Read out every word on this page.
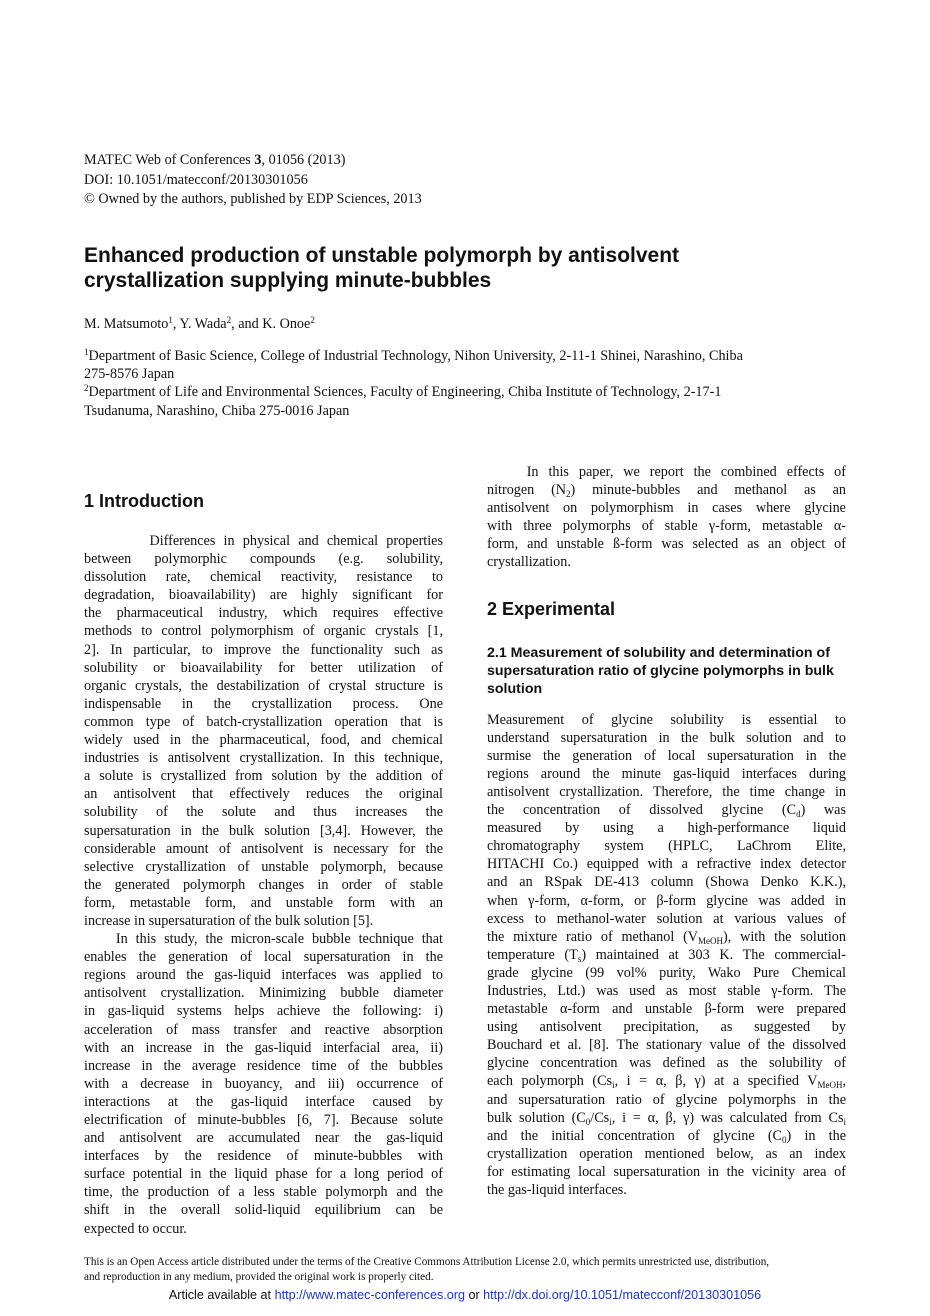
MATEC Web of Conferences 3, 01056 (2013)
DOI: 10.1051/matecconf/20130301056
© Owned by the authors, published by EDP Sciences, 2013
Enhanced production of unstable polymorph by antisolvent
crystallization supplying minute-bubbles
M. Matsumoto$^1$, Y. Wada$^2$, and K. Onoe$^2$
$^1$Department of Basic Science, College of Industrial Technology, Nihon University, 2-11-1 Shinei, Narashino, Chiba
275-8576 Japan
$^2$Department of Life and Environmental Sciences, Faculty of Engineering, Chiba Institute of Technology, 2-17-1
Tsudanuma, Narashino, Chiba 275-0016 Japan
1 Introduction
Differences in physical and chemical properties
between polymorphic compounds (e.g. solubility,
dissolution rate, chemical reactivity, resistance to
degradation, bioavailability) are highly significant for
the pharmaceutical industry, which requires effective
methods to control polymorphism of organic crystals [1,
2]. In particular, to improve the functionality such as
solubility or bioavailability for better utilization of
organic crystals, the destabilization of crystal structure is
indispensable in the crystallization process. One
common type of batch-crystallization operation that is
widely used in the pharmaceutical, food, and chemical
industries is antisolvent crystallization. In this technique,
a solute is crystallized from solution by the addition of
an antisolvent that effectively reduces the original
solubility of the solute and thus increases the
supersaturation in the bulk solution [3,4]. However, the
considerable amount of antisolvent is necessary for the
selective crystallization of unstable polymorph, because
the generated polymorph changes in order of stable
form, metastable form, and unstable form with an
increase in supersaturation of the bulk solution [5].
In this study, the micron-scale bubble technique that
enables the generation of local supersaturation in the
regions around the gas-liquid interfaces was applied to
antisolvent crystallization. Minimizing bubble diameter
in gas-liquid systems helps achieve the following: i)
acceleration of mass transfer and reactive absorption
with an increase in the gas-liquid interfacial area, ii)
increase in the average residence time of the bubbles
with a decrease in buoyancy, and iii) occurrence of
interactions at the gas-liquid interface caused by
electrification of minute-bubbles [6, 7]. Because solute
and antisolvent are accumulated near the gas-liquid
interfaces by the residence of minute-bubbles with
surface potential in the liquid phase for a long period of
time, the production of a less stable polymorph and the
shift in the overall solid-liquid equilibrium can be
expected to occur.
In this paper, we report the combined effects of
nitrogen $(N_2)$ minute-bubbles and methanol as an
antisolvent on polymorphism in cases where glycine
with three polymorphs of stable γ-form, metastable α-
form, and unstable ß-form was selected as an object of
crystallization.
2 Experimental
2.1 Measurement of solubility and determination of
supersaturation ratio of glycine polymorphs in bulk
solution
Measurement of glycine solubility is essential to
understand supersaturation in the bulk solution and to
surmise the generation of local supersaturation in the
regions around the minute gas-liquid interfaces during
antisolvent crystallization. Therefore, the time change in
the concentration of dissolved glycine $(C_d)$ was
measured by using a high-performance liquid
chromatography system (HPLC, LaChrom Elite,
HITACHI Co.) equipped with a refractive index detector
and an RSpak DE-413 column (Showa Denko K.K.),
when γ-form, α-form, or β-form glycine was added in
excess to methanol-water solution at various values of
the mixture ratio of methanol $(V_{MeOH})$, with the solution
temperature $(T_s)$ maintained at 303 K. The commercial-
grade glycine (99 vol% purity, Wako Pure Chemical
Industries, Ltd.) was used as most stable γ-form. The
metastable α-form and unstable β-form were prepared
using antisolvent precipitation, as suggested by
Bouchard et al. [8]. The stationary value of the dissolved
glycine concentration was defined as the solubility of
each polymorph ($Cs_i$, i = α, β, γ) at a specified $V_{MeOH}$,
and supersaturation ratio of glycine polymorphs in the
bulk solution ($C_0/Cs_i$, i = α, β, γ) was calculated from $Cs_i$
and the initial concentration of glycine $(C_0)$ in the
crystallization operation mentioned below, as an index
for estimating local supersaturation in the vicinity area of
the gas-liquid interfaces.
This is an Open Access article distributed under the terms of the Creative Commons Attribution License 2.0, which permits unrestricted use, distribution,
and reproduction in any medium, provided the original work is properly cited.
Article available at http://www.matec-conferences.org or http://dx.doi.org/10.1051/matecconf/20130301056
